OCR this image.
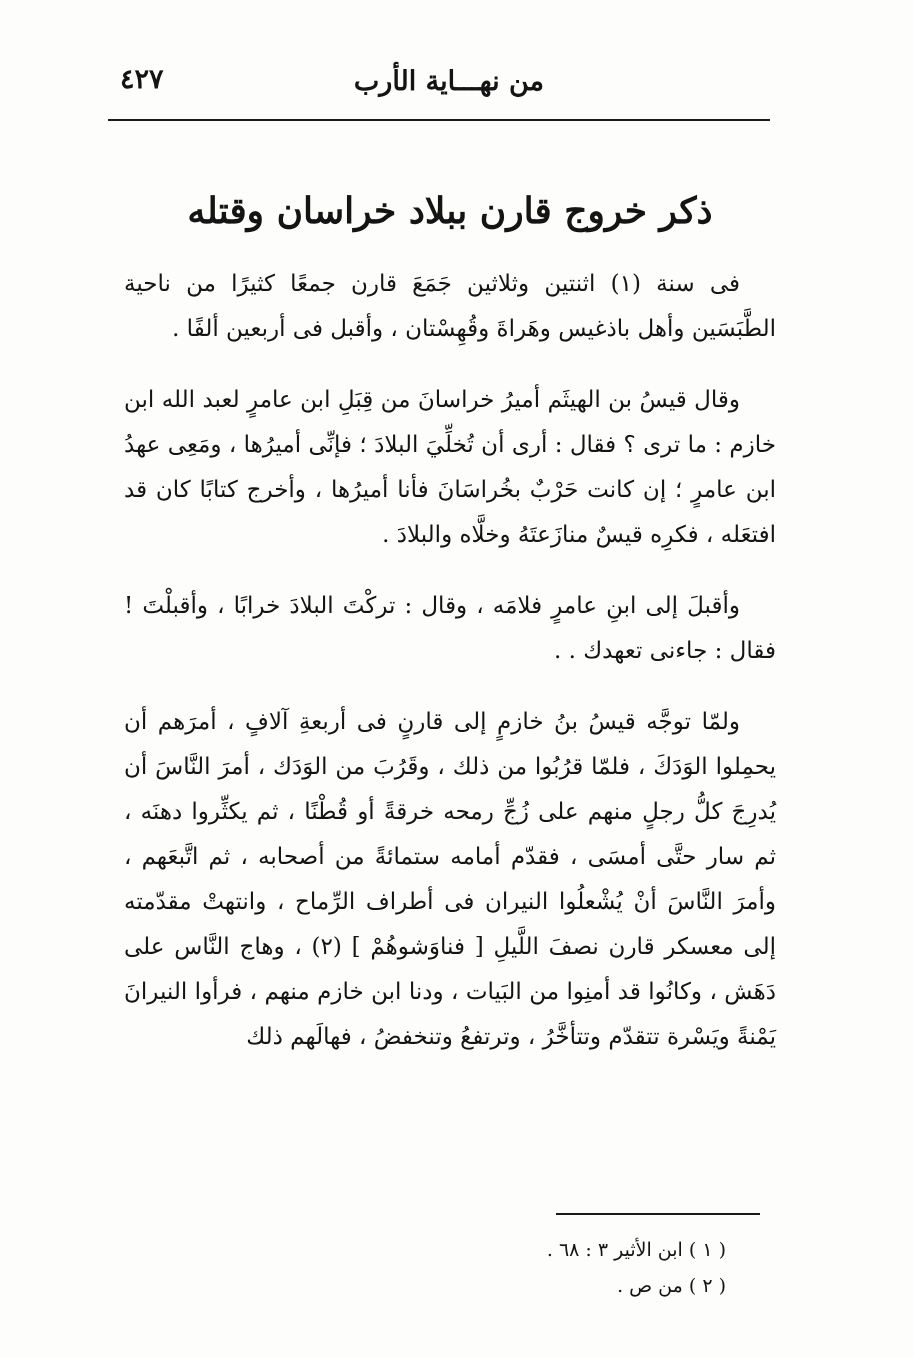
من نهـــاية الأرب
٤٢٧
ذكر خروج قارن ببلاد خراسان وقتله

فى سنة (١) اثنتين وثلاثين جَمَعَ قارن جمعًا كثيرًا من ناحية الطَّبَسَين وأهل باذغيس وهَراةَ وقُهِسْتان ، وأقبل فى أربعين ألفًا .

وقال قيسُ بن الهيثَم أميرُ خراسانَ من قِبَلِ ابن عامرٍ لعبد الله ابن خازم : ما ترى ؟ فقال : أرى أن تُخلِّيَ البلادَ ؛ فإنِّى أميرُها ، ومَعِى عهدُ ابن عامرٍ ؛ إن كانت حَرْبٌ بخُراسَانَ فأنا أميرُها ، وأخرج كتابًا كان قد افتعَله ، فكرِه قيسٌ منازَعتَهُ وخلَّاه والبلادَ .

وأقبلَ إلى ابنِ عامرٍ فلامَه ، وقال : تركْتَ البلادَ خرابًا ، وأقبلْتَ ! فقال : جاءنى تعهدك . .

ولمّا توجَّه قيسُ بنُ خازمٍ إلى قارنٍ فى أربعةِ آلافٍ ، أمرَهم أن يحمِلوا الوَدَكَ ، فلمّا قرُبُوا من ذلك ، وقَرُبَ من الوَدَك ، أمرَ النَّاسَ أن يُدرِجَ كلُّ رجلٍ منهم على زُجِّ رمحه خرقةً أو قُطْنًا ، ثم يكثِّروا دهنَه ، ثم سار حتَّى أمسَى ، فقدّم أمامه ستمائةً من أصحابه ، ثم اتَّبعَهم ، وأمرَ النَّاسَ أنْ يُشْعلُوا النيران فى أطراف الرِّماح ، وانتهتْ مقدّمته إلى معسكر قارن نصفَ اللَّيلِ [ فناوَشوهُمْ ] (٢) ، وهاج النَّاس على دَهَش ، وكانُوا قد أمنِوا من البَيات ، ودنا ابن خازم منهم ، فرأوا النيرانَ يَمْنةً ويَسْرة تتقدّم وتتأخَّرُ ، وترتفعُ وتنخفضُ ، فهالَهم ذلك

( ١ ) ابن الأثير ٣ : ٦٨ .
( ٢ ) من ص .
